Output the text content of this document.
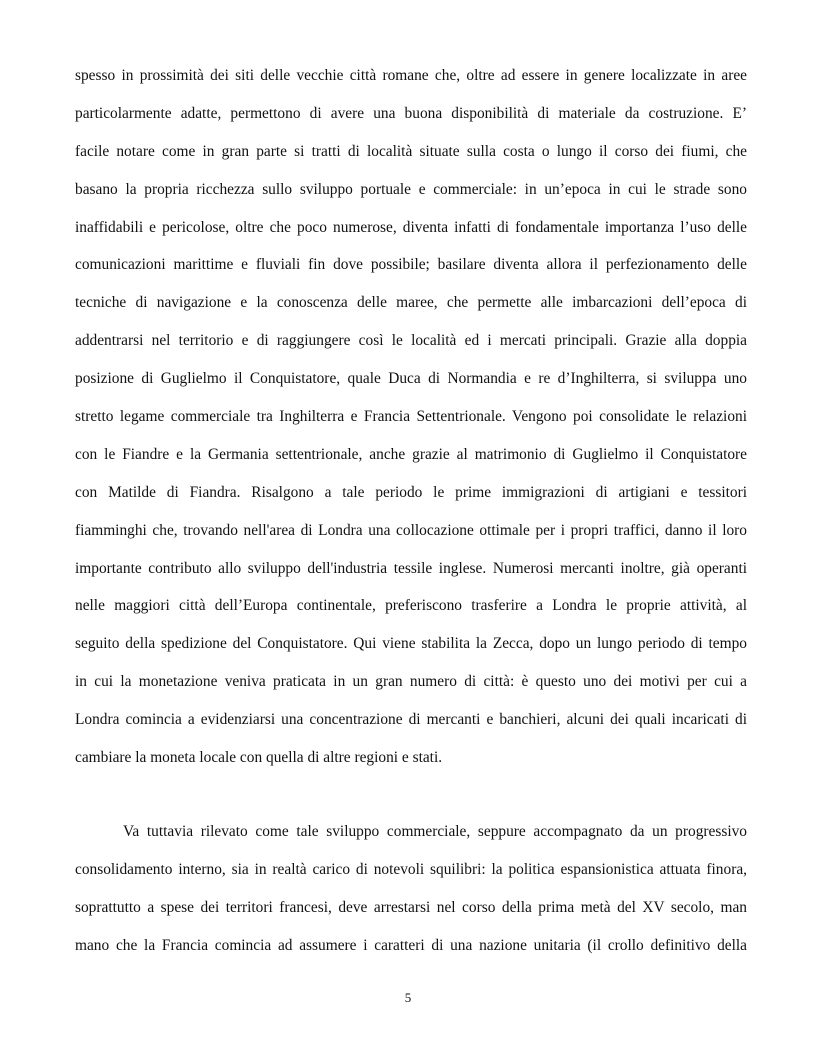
spesso in prossimità dei siti delle vecchie città romane che, oltre ad essere in genere localizzate in aree
particolarmente adatte, permettono di avere una buona disponibilità di materiale da costruzione. E’
facile notare come in gran parte si tratti di località situate sulla costa o lungo il corso dei fiumi, che
basano la propria ricchezza sullo sviluppo portuale e commerciale: in un’epoca in cui le strade sono
inaffidabili e pericolose, oltre che poco numerose, diventa infatti di fondamentale importanza l’uso delle
comunicazioni marittime e fluviali fin dove possibile; basilare diventa allora il perfezionamento delle
tecniche di navigazione e la conoscenza delle maree, che permette alle imbarcazioni dell’epoca di
addentrarsi nel territorio e di raggiungere così le località ed i mercati principali. Grazie alla doppia
posizione di Guglielmo il Conquistatore, quale Duca di Normandia e re d’Inghilterra, si sviluppa uno
stretto legame commerciale tra Inghilterra e Francia Settentrionale. Vengono poi consolidate le relazioni
con le Fiandre e la Germania settentrionale, anche grazie al matrimonio di Guglielmo il Conquistatore
con Matilde di Fiandra. Risalgono a tale periodo le prime immigrazioni di artigiani e tessitori
fiamminghi che, trovando nell'area di Londra una collocazione ottimale per i propri traffici, danno il loro
importante contributo allo sviluppo dell'industria tessile inglese. Numerosi mercanti inoltre, già operanti
nelle maggiori città dell’Europa continentale, preferiscono trasferire a Londra le proprie attività, al
seguito della spedizione del Conquistatore. Qui viene stabilita la Zecca, dopo un lungo periodo di tempo
in cui la monetazione veniva praticata in un gran numero di città: è questo uno dei motivi per cui a
Londra comincia a evidenziarsi una concentrazione di mercanti e banchieri, alcuni dei quali incaricati di
cambiare la moneta locale con quella di altre regioni e stati.
Va tuttavia rilevato come tale sviluppo commerciale, seppure accompagnato da un progressivo
consolidamento interno, sia in realtà carico di notevoli squilibri: la politica espansionistica attuata finora,
soprattutto a spese dei territori francesi, deve arrestarsi nel corso della prima metà del XV secolo, man
mano che la Francia comincia ad assumere i caratteri di una nazione unitaria (il crollo definitivo della
5
